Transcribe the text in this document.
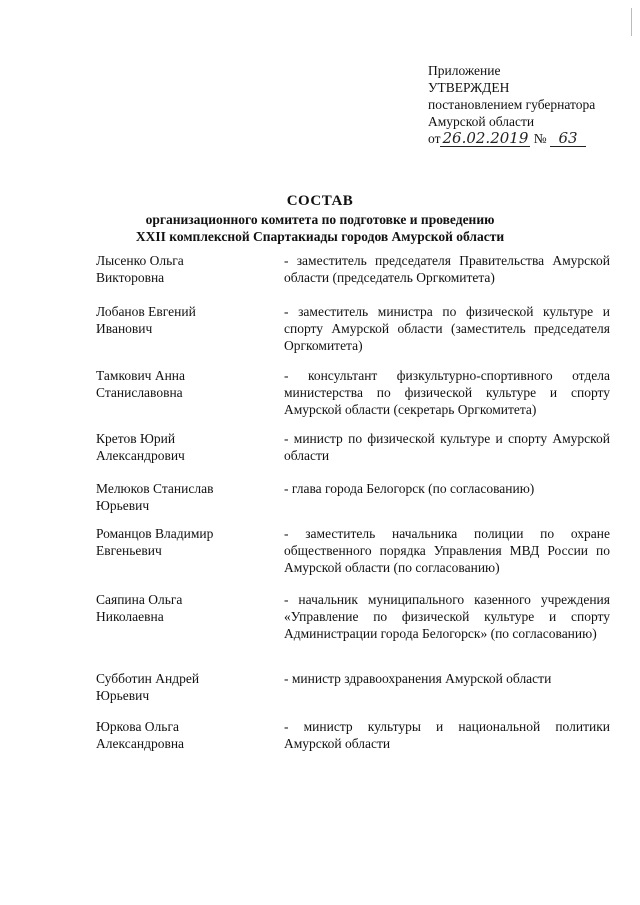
Приложение
УТВЕРЖДЕН
постановлением губернатора
Амурской области
от 26.02.2019 № 63
СОСТАВ
организационного комитета по подготовке и проведению
XXII комплексной Спартакиады городов Амурской области
Лысенко Ольга
Викторовна
- заместитель председателя Правительства Амурской области (председатель Оргкомитета)
Лобанов Евгений
Иванович
- заместитель министра по физической культуре и спорту Амурской области (заместитель председателя Оргкомитета)
Тамкович Анна
Станиславовна
- консультант физкультурно-спортивного отдела министерства по физической культуре и спорту Амурской области (секретарь Оргкомитета)
Кретов Юрий
Александрович
- министр по физической культуре и спорту Амурской области
Мелюков Станислав
Юрьевич
- глава города Белогорск (по согласованию)
Романцов Владимир
Евгеньевич
- заместитель начальника полиции по охране общественного порядка Управления МВД России по Амурской области (по согласованию)
Саяпина Ольга
Николаевна
- начальник муниципального казенного учреждения «Управление по физической культуре и спорту Администрации города Белогорск» (по согласованию)
Субботин Андрей
Юрьевич
- министр здравоохранения Амурской области
Юркова Ольга
Александровна
- министр культуры и национальной политики Амурской области
